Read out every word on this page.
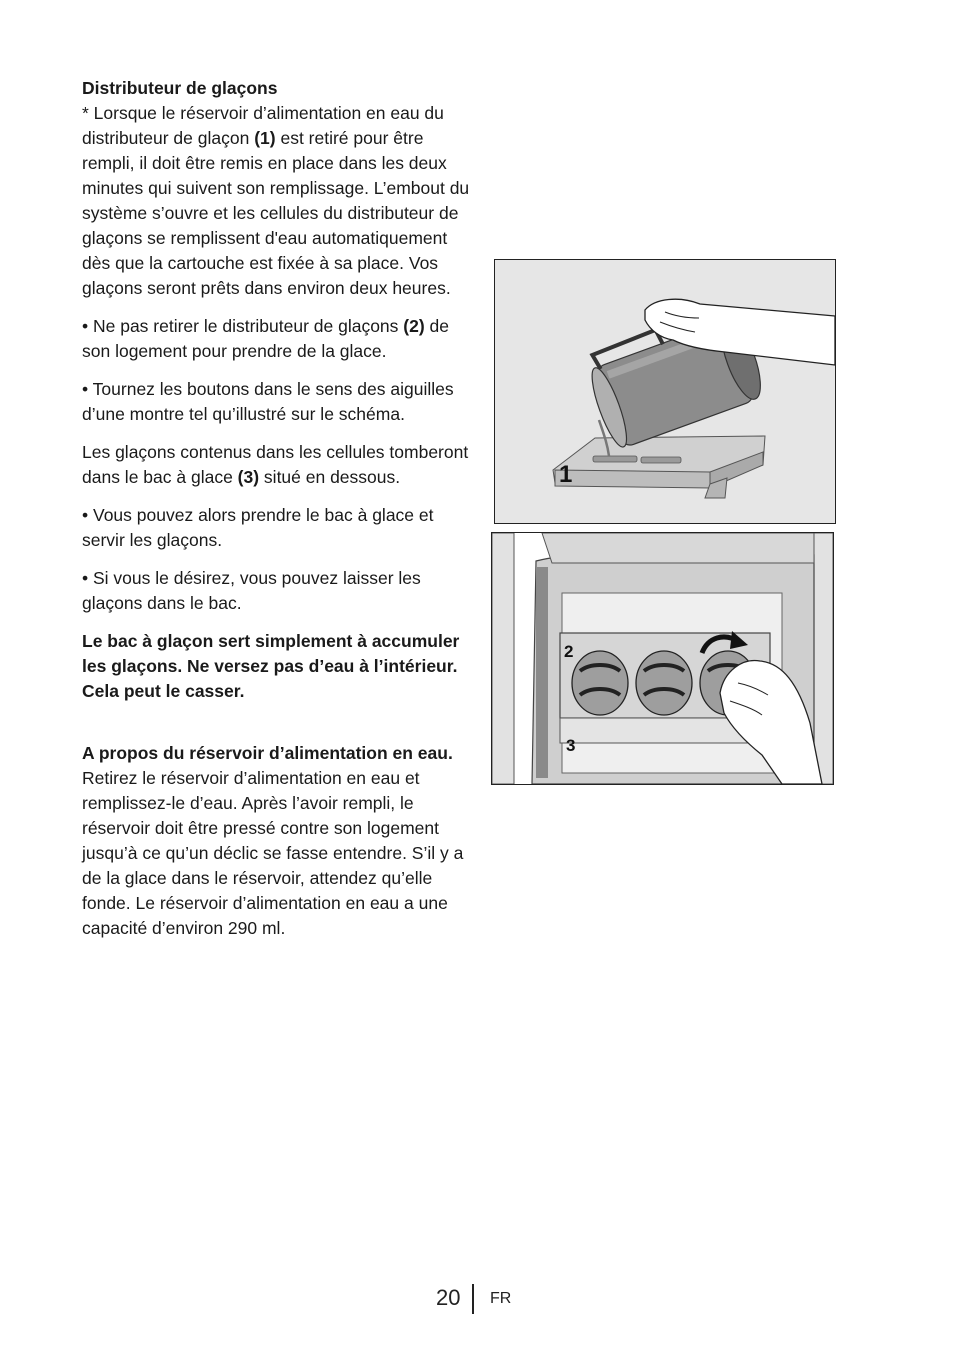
Distributeur de glaçons
* Lorsque le réservoir d’alimentation en eau du distributeur de glaçon (1) est retiré pour être rempli, il doit être remis en place dans les deux minutes qui suivent son remplissage. L’embout du système s’ouvre et les cellules du distributeur de glaçons se remplissent d'eau automatiquement dès que la cartouche est fixée à sa place. Vos glaçons seront prêts dans environ deux heures.

• Ne pas retirer le distributeur de glaçons (2) de son logement pour prendre de la glace.

• Tournez les boutons dans le sens des aiguilles d’une montre tel qu’illustré sur le schéma.

Les glaçons contenus dans les cellules tomberont dans le bac à glace (3) situé en dessous.

• Vous pouvez alors prendre le bac à glace et servir les glaçons.

• Si vous le désirez, vous pouvez laisser les glaçons dans le bac.

Le bac à glaçon sert simplement à accumuler les glaçons. Ne versez pas d’eau à l’intérieur. Cela peut le casser.

A propos du réservoir d’alimentation en eau.
Retirez le réservoir d’alimentation en eau et remplissez-le d’eau. Après l’avoir rempli, le réservoir doit être pressé contre son logement jusqu’à ce qu’un déclic se fasse entendre. S’il y a de la glace dans le réservoir, attendez qu’elle fonde. Le réservoir d’alimentation en eau a une capacité d’environ 290 ml.

1
2
3
20 FR
